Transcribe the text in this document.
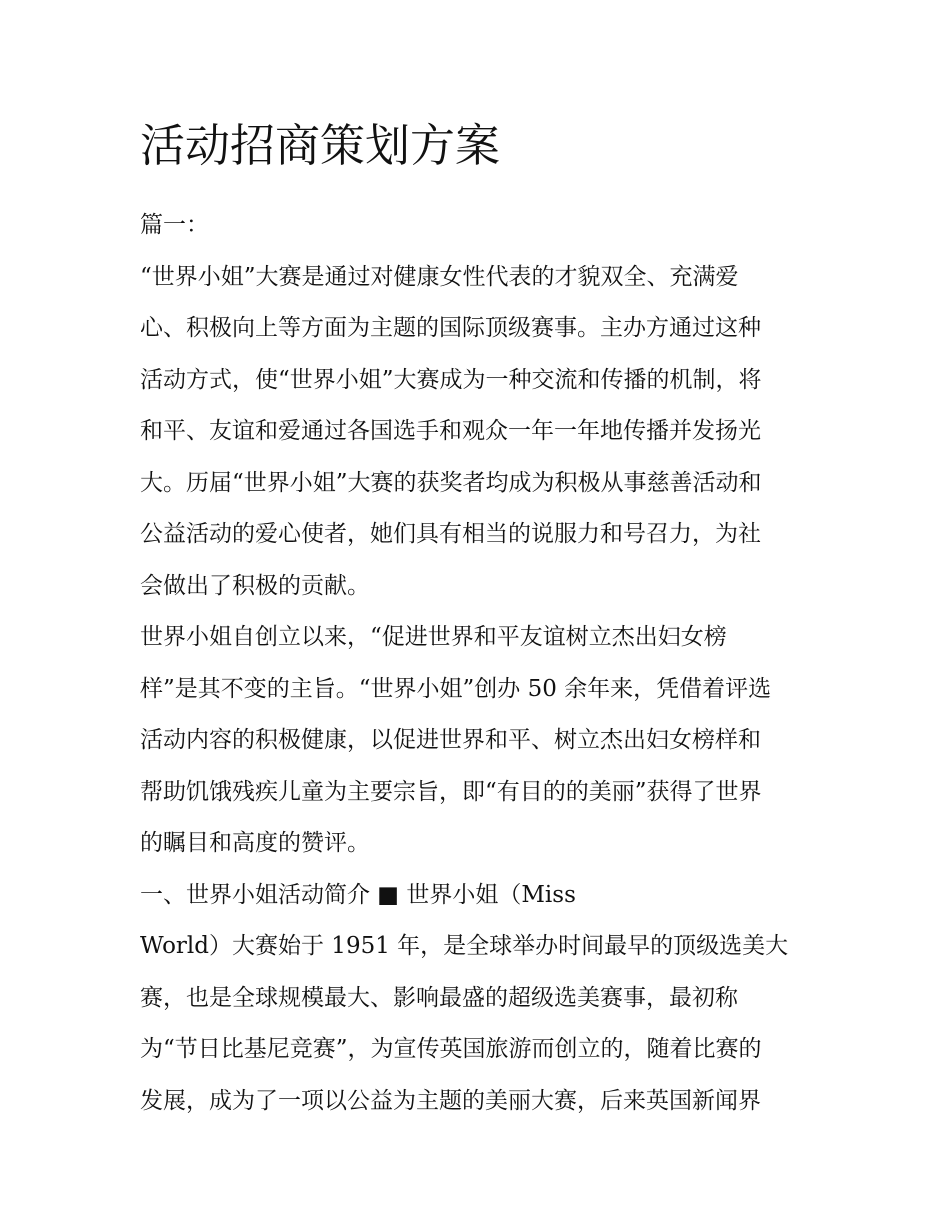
活动招商策划方案
篇一：
“世界小姐”大赛是通过对健康女性代表的才貌双全、充满爱
心、积极向上等方面为主题的国际顶级赛事。主办方通过这种
活动方式，使“世界小姐”大赛成为一种交流和传播的机制，将
和平、友谊和爱通过各国选手和观众一年一年地传播并发扬光
大。历届“世界小姐”大赛的获奖者均成为积极从事慈善活动和
公益活动的爱心使者，她们具有相当的说服力和号召力，为社
会做出了积极的贡献。
世界小姐自创立以来，“促进世界和平友谊树立杰出妇女榜
样”是其不变的主旨。“世界小姐”创办 50 余年来，凭借着评选
活动内容的积极健康，以促进世界和平、树立杰出妇女榜样和
帮助饥饿残疾儿童为主要宗旨，即“有目的的美丽”获得了世界
的瞩目和高度的赞评。
一、世界小姐活动简介 ■ 世界小姐（Miss
World）大赛始于 1951 年，是全球举办时间最早的顶级选美大
赛，也是全球规模最大、影响最盛的超级选美赛事，最初称
为“节日比基尼竞赛”，为宣传英国旅游而创立的，随着比赛的
发展，成为了一项以公益为主题的美丽大赛，后来英国新闻界
